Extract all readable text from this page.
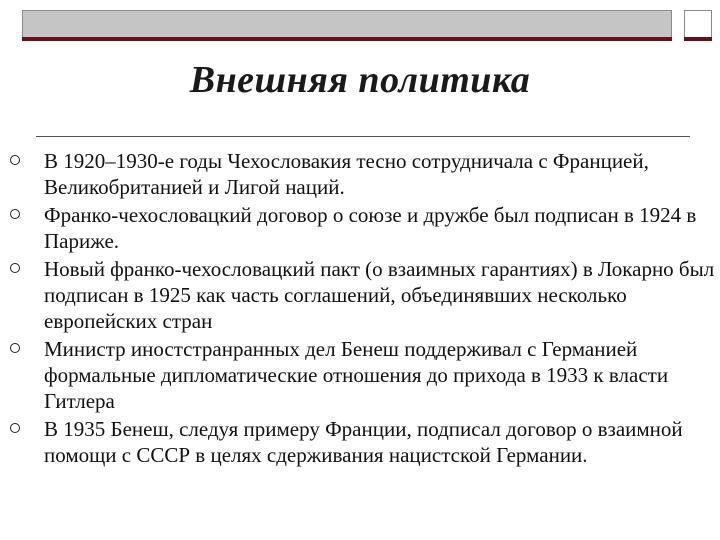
Внешняя политика
В 1920–1930-е годы Чехословакия тесно сотрудничала с Францией, Великобританией и Лигой наций.
Франко-чехословацкий договор о союзе и дружбе был подписан в 1924 в Париже.
Новый франко-чехословацкий пакт (о взаимных гарантиях) в Локарно был подписан в 1925 как часть соглашений, объединявших несколько европейских стран
Министр иностстранранных дел Бенеш поддерживал с Германией формальные дипломатические отношения до прихода в 1933 к власти Гитлера
В 1935 Бенеш, следуя примеру Франции, подписал договор о взаимной помощи с СССР в целях сдерживания нацистской Германии.
